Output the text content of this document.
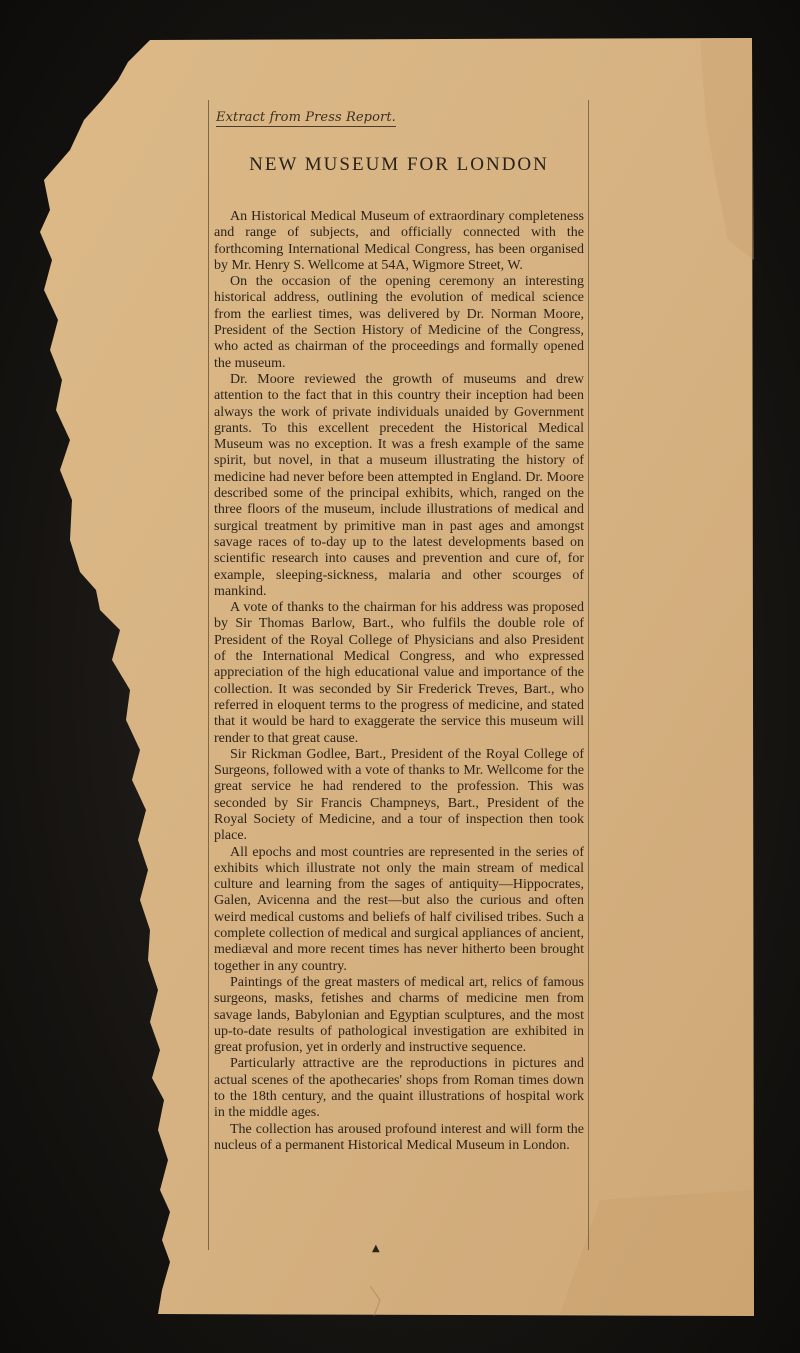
Extract from Press Report.
NEW MUSEUM FOR LONDON

An Historical Medical Museum of extraordinary completeness and range of subjects, and officially connected with the forthcoming International Medical Congress, has been organised by Mr. Henry S. Wellcome at 54A, Wigmore Street, W.

On the occasion of the opening ceremony an interesting historical address, outlining the evolution of medical science from the earliest times, was delivered by Dr. Norman Moore, President of the Section History of Medicine of the Congress, who acted as chairman of the proceedings and formally opened the museum.

Dr. Moore reviewed the growth of museums and drew attention to the fact that in this country their inception had been always the work of private individuals unaided by Government grants. To this excellent precedent the Historical Medical Museum was no exception. It was a fresh example of the same spirit, but novel, in that a museum illustrating the history of medicine had never before been attempted in England. Dr. Moore described some of the principal exhibits, which, ranged on the three floors of the museum, include illustrations of medical and surgical treatment by primitive man in past ages and amongst savage races of to-day up to the latest developments based on scientific research into causes and prevention and cure of, for example, sleeping-sickness, malaria and other scourges of mankind.

A vote of thanks to the chairman for his address was proposed by Sir Thomas Barlow, Bart., who fulfils the double role of President of the Royal College of Physicians and also President of the International Medical Congress, and who expressed appreciation of the high educational value and importance of the collection. It was seconded by Sir Frederick Treves, Bart., who referred in eloquent terms to the progress of medicine, and stated that it would be hard to exaggerate the service this museum will render to that great cause.

Sir Rickman Godlee, Bart., President of the Royal College of Surgeons, followed with a vote of thanks to Mr. Wellcome for the great service he had rendered to the profession. This was seconded by Sir Francis Champneys, Bart., President of the Royal Society of Medicine, and a tour of inspection then took place.

All epochs and most countries are represented in the series of exhibits which illustrate not only the main stream of medical culture and learning from the sages of antiquity—Hippocrates, Galen, Avicenna and the rest—but also the curious and often weird medical customs and beliefs of half civilised tribes. Such a complete collection of medical and surgical appliances of ancient, mediæval and more recent times has never hitherto been brought together in any country.

Paintings of the great masters of medical art, relics of famous surgeons, masks, fetishes and charms of medicine men from savage lands, Babylonian and Egyptian sculptures, and the most up-to-date results of pathological investigation are exhibited in great profusion, yet in orderly and instructive sequence.

Particularly attractive are the reproductions in pictures and actual scenes of the apothecaries' shops from Roman times down to the 18th century, and the quaint illustrations of hospital work in the middle ages.

The collection has aroused profound interest and will form the nucleus of a permanent Historical Medical Museum in London.

▲
